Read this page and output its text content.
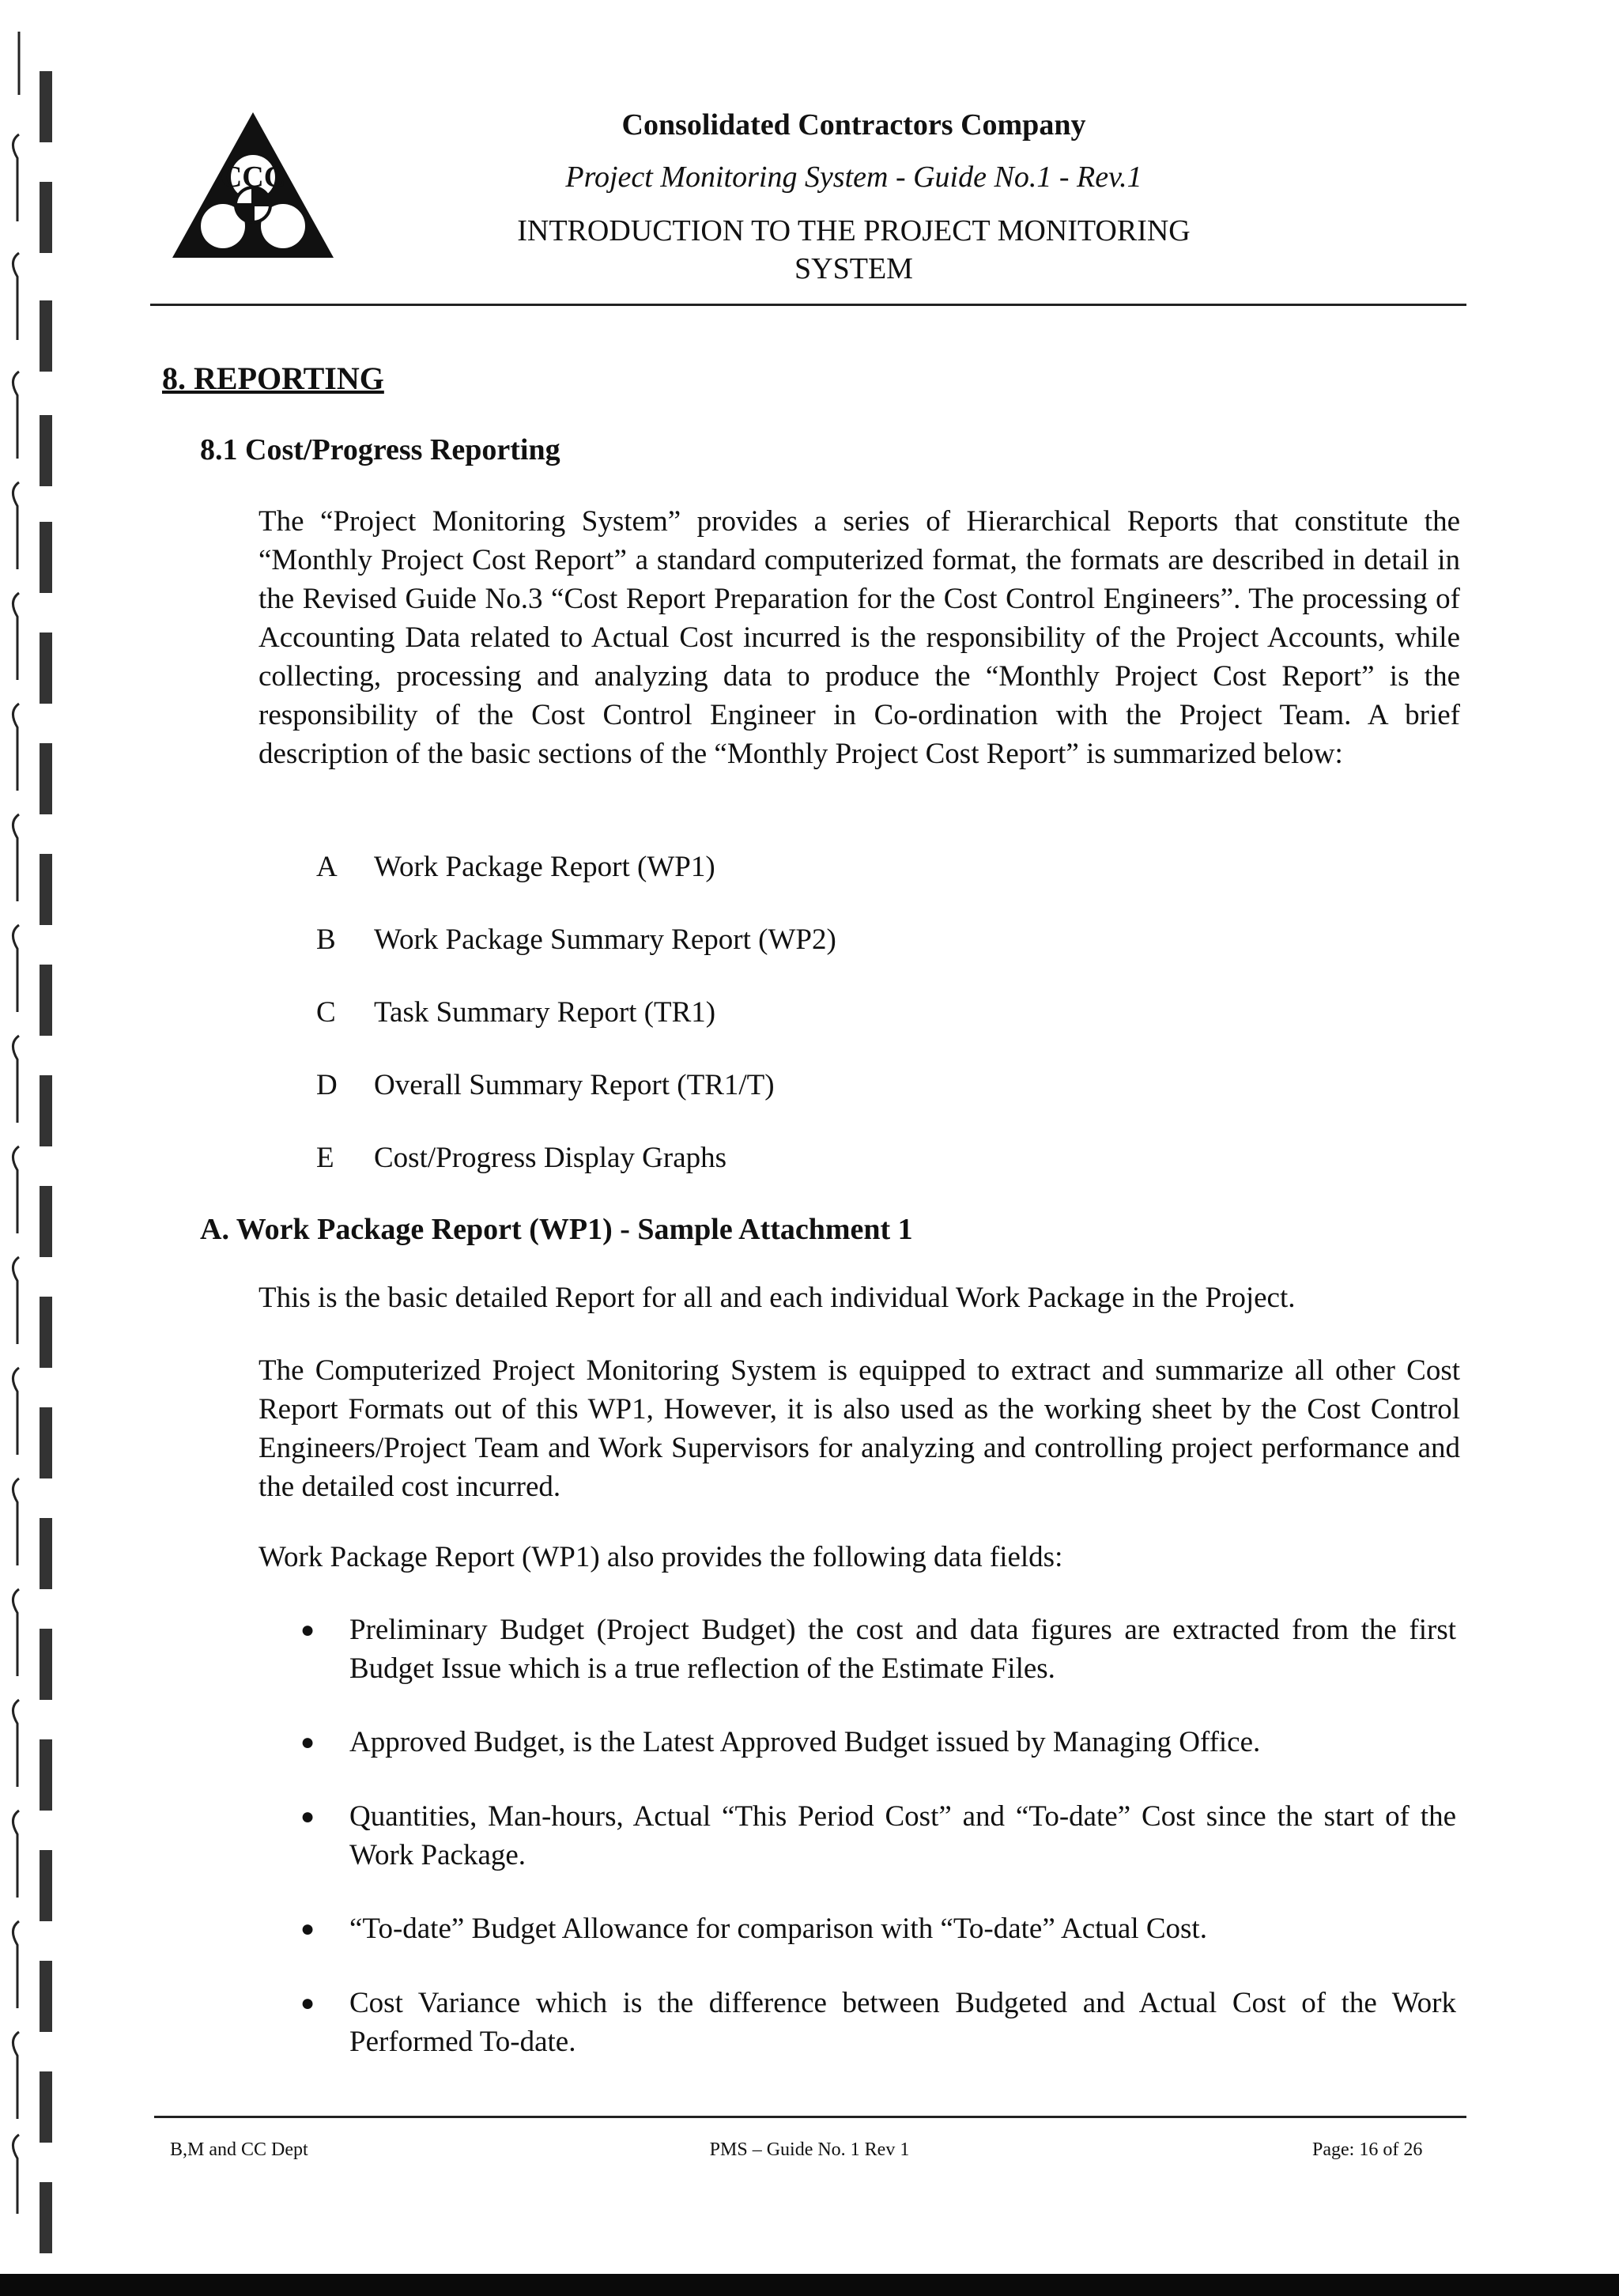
CCC
Consolidated Contractors Company
Project Monitoring System - Guide No.1 - Rev.1
INTRODUCTION TO THE PROJECT MONITORING
SYSTEM
8. REPORTING
8.1 Cost/Progress Reporting
The “Project Monitoring System” provides a series of Hierarchical Reports that constitute the “Monthly Project Cost Report” a standard computerized format, the formats are described in detail in the Revised Guide No.3 “Cost Report Preparation for the Cost Control Engineers”. The processing of Accounting Data related to Actual Cost incurred is the responsibility of the Project Accounts, while collecting, processing and analyzing data to produce the “Monthly Project Cost Report” is the responsibility of the Cost Control Engineer in Co-ordination with the Project Team. A brief description of the basic sections of the “Monthly Project Cost Report” is summarized below:
A	Work Package Report (WP1)
B	Work Package Summary Report (WP2)
C	Task Summary Report (TR1)
D	Overall Summary Report (TR1/T)
E	Cost/Progress Display Graphs
A. Work Package Report (WP1) - Sample Attachment 1
This is the basic detailed Report for all and each individual Work Package in the Project.
The Computerized Project Monitoring System is equipped to extract and summarize all other Cost Report Formats out of this WP1, However, it is also used as the working sheet by the Cost Control Engineers/Project Team and Work Supervisors for analyzing and controlling project performance and the detailed cost incurred.
Work Package Report (WP1) also provides the following data fields:
●	Preliminary Budget (Project Budget) the cost and data figures are extracted from the first Budget Issue which is a true reflection of the Estimate Files.
●	Approved Budget, is the Latest Approved Budget issued by Managing Office.
●	Quantities, Man-hours, Actual “This Period Cost” and “To-date” Cost since the start of the Work Package.
●	“To-date” Budget Allowance for comparison with “To-date” Actual Cost.
●	Cost Variance which is the difference between Budgeted and Actual Cost of the Work Performed To-date.
B,M and CC Dept	PMS – Guide No. 1 Rev 1	Page: 16 of 26
